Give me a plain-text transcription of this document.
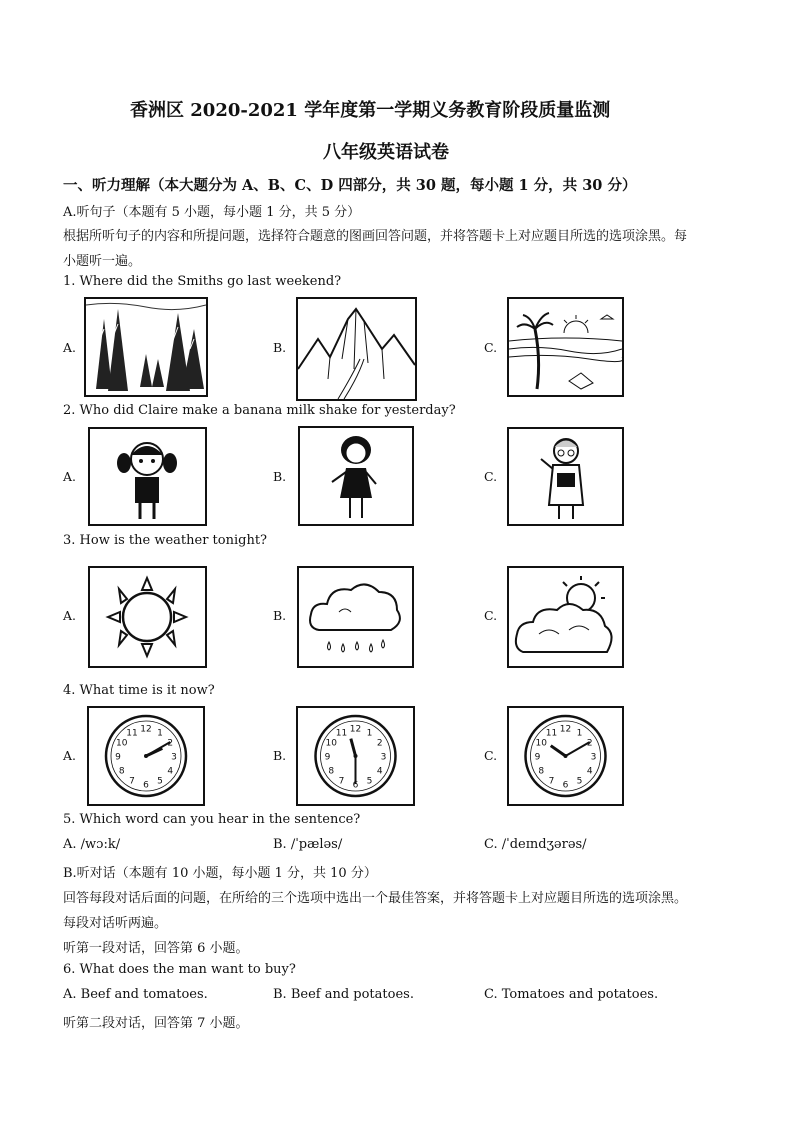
香洲区 2020-2021 学年度第一学期义务教育阶段质量监测
八年级英语试卷
一、听力理解（本大题分为 A、B、C、D 四部分，共 30 题，每小题 1 分，共 30 分）
A.听句子（本题有 5 小题，每小题 1 分，共 5 分）
根据所听句子的内容和所提问题，选择符合题意的图画回答问题，并将答题卡上对应题目所选的选项涂黑。每
小题听一遍。
1. Where did the Smiths go last weekend?
A.	B.	C.
2. Who did Claire make a banana milk shake for yesterday?
A.	B.	C.
3. How is the weather tonight?
A.	B.	C.
4. What time is it now?
A.
1
2
3
4
5
6
7
8
9
10
11 12
B.
1
2
3
4
5
6
7
8
9
10
11 12
C.
1
2
3
4
5
6
7
8
9
10
11 12
5. Which word can you hear in the sentence?
A. /wɔ:k/	B. /ˈpæləs/	C. /ˈdeɪndʒərəs/
B.听对话（本题有 10 小题，每小题 1 分，共 10 分）
回答每段对话后面的问题，在所给的三个选项中选出一个最佳答案，并将答题卡上对应题目所选的选项涂黑。
每段对话听两遍。
听第一段对话，回答第 6 小题。
6. What does the man want to buy?
A. Beef and tomatoes.	B. Beef and potatoes.	C. Tomatoes and potatoes.
听第二段对话，回答第 7 小题。
